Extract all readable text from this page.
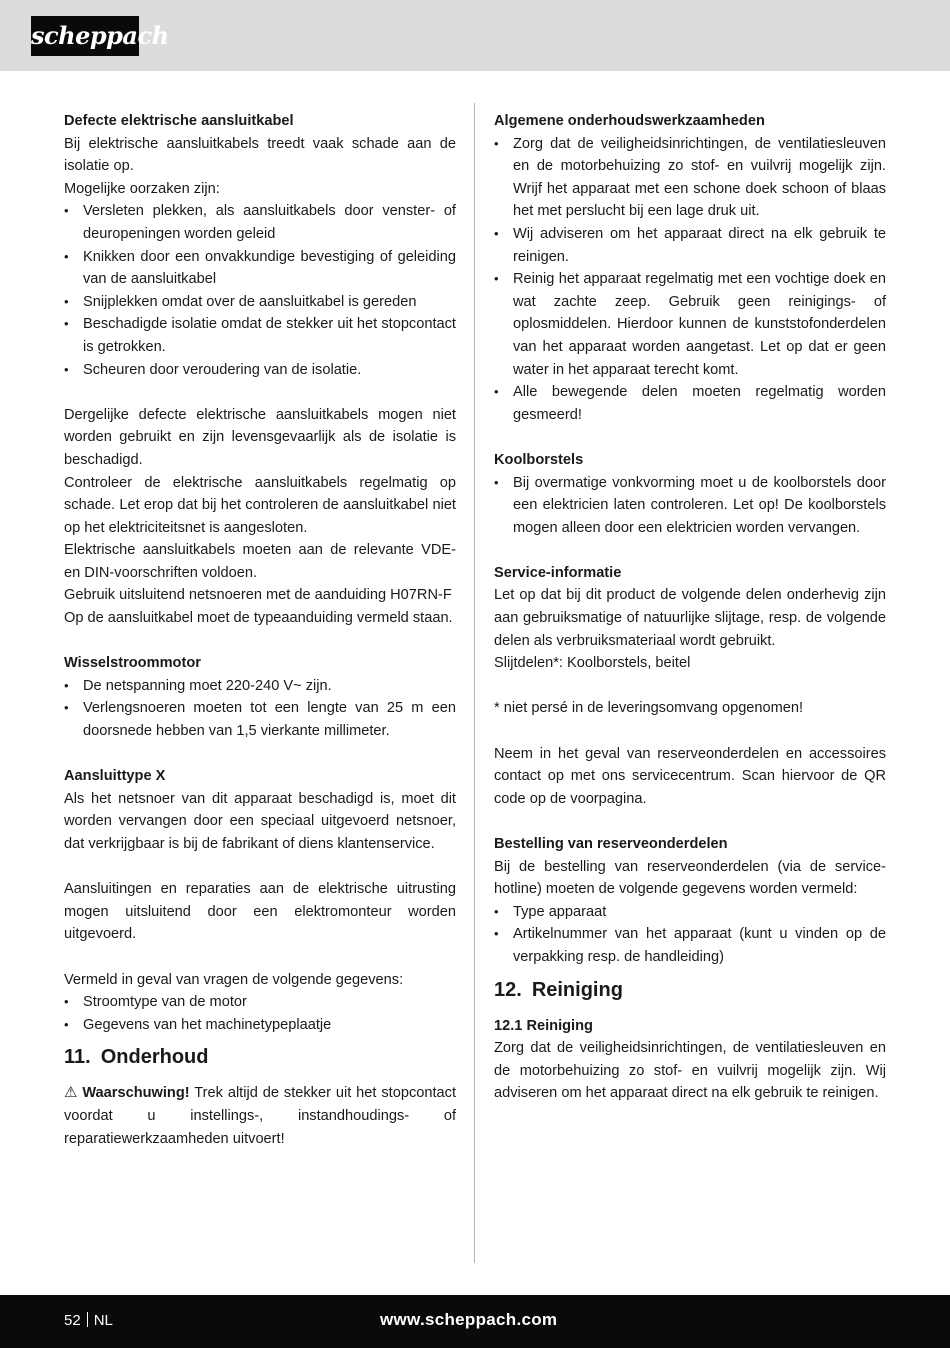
scheppach
Defecte elektrische aansluitkabel
Bij elektrische aansluitkabels treedt vaak schade aan de isolatie op.
Mogelijke oorzaken zijn:
• Versleten plekken, als aansluitkabels door venster- of deuropeningen worden geleid
• Knikken door een onvakkundige bevestiging of geleiding van de aansluitkabel
• Snijplekken omdat over de aansluitkabel is gereden
• Beschadigde isolatie omdat de stekker uit het stopcontact is getrokken.
• Scheuren door veroudering van de isolatie.
Dergelijke defecte elektrische aansluitkabels mogen niet worden gebruikt en zijn levensgevaarlijk als de isolatie is beschadigd.
Controleer de elektrische aansluitkabels regelmatig op schade. Let erop dat bij het controleren de aansluitkabel niet op het elektriciteitsnet is aangesloten.
Elektrische aansluitkabels moeten aan de relevante VDE- en DIN-voorschriften voldoen.
Gebruik uitsluitend netsnoeren met de aanduiding H07RN-F
Op de aansluitkabel moet de typeaanduiding vermeld staan.
Wisselstroommotor
• De netspanning moet 220-240 V~ zijn.
• Verlengsnoeren moeten tot een lengte van 25 m een doorsnede hebben van 1,5 vierkante millimeter.
Aansluittype X
Als het netsnoer van dit apparaat beschadigd is, moet dit worden vervangen door een speciaal uitgevoerd netsnoer, dat verkrijgbaar is bij de fabrikant of diens klantenservice.
Aansluitingen en reparaties aan de elektrische uitrusting mogen uitsluitend door een elektromonteur worden uitgevoerd.
Vermeld in geval van vragen de volgende gegevens:
• Stroomtype van de motor
• Gegevens van het machinetypeplaatje
11. Onderhoud
⚠ Waarschuwing! Trek altijd de stekker uit het stopcontact voordat u instellings-, instandhoudings- of reparatiewerkzaamheden uitvoert!
Algemene onderhoudswerkzaamheden
• Zorg dat de veiligheidsinrichtingen, de ventilatiesleuven en de motorbehuizing zo stof- en vuilvrij mogelijk zijn. Wrijf het apparaat met een schone doek schoon of blaas het met perslucht bij een lage druk uit.
• Wij adviseren om het apparaat direct na elk gebruik te reinigen.
• Reinig het apparaat regelmatig met een vochtige doek en wat zachte zeep. Gebruik geen reinigings- of oplosmiddelen. Hierdoor kunnen de kunststofonderdelen van het apparaat worden aangetast. Let op dat er geen water in het apparaat terecht komt.
• Alle bewegende delen moeten regelmatig worden gesmeerd!
Koolborstels
• Bij overmatige vonkvorming moet u de koolborstels door een elektricien laten controleren. Let op! De koolborstels mogen alleen door een elektricien worden vervangen.
Service-informatie
Let op dat bij dit product de volgende delen onderhevig zijn aan gebruiksmatige of natuurlijke slijtage, resp. de volgende delen als verbruiksmateriaal wordt gebruikt.
Slijtdelen*: Koolborstels, beitel
* niet persé in de leveringsomvang opgenomen!
Neem in het geval van reserveonderdelen en accessoires contact op met ons servicecentrum. Scan hiervoor de QR code op de voorpagina.
Bestelling van reserveonderdelen
Bij de bestelling van reserveonderdelen (via de service-hotline) moeten de volgende gegevens worden vermeld:
• Type apparaat
• Artikelnummer van het apparaat (kunt u vinden op de verpakking resp. de handleiding)
12. Reiniging
12.1 Reiniging
Zorg dat de veiligheidsinrichtingen, de ventilatiesleuven en de motorbehuizing zo stof- en vuilvrij mogelijk zijn. Wij adviseren om het apparaat direct na elk gebruik te reinigen.
52 NL	www.scheppach.com
